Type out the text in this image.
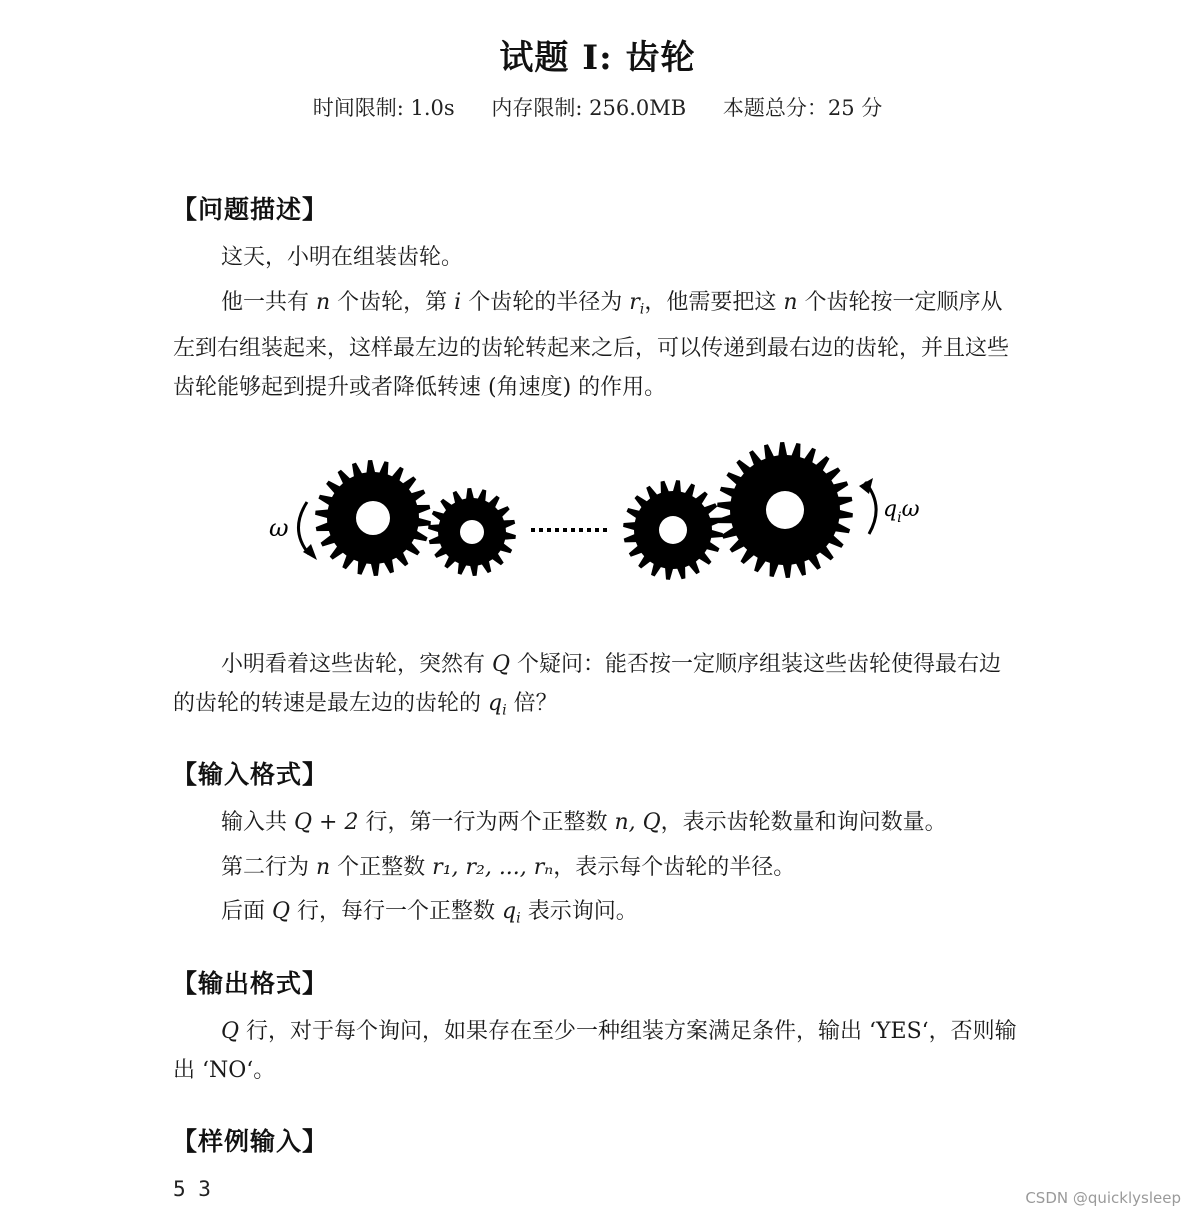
试题 I: 齿轮
时间限制: 1.0s 内存限制: 256.0MB 本题总分：25 分
【问题描述】
这天，小明在组装齿轮。
他一共有 n 个齿轮，第 i 个齿轮的半径为 $r_i$，他需要把这 n 个齿轮按一定顺序从左到右组装起来，这样最左边的齿轮转起来之后，可以传递到最右边的齿轮，并且这些齿轮能够起到提升或者降低转速 (角速度) 的作用。
ω
$q_i\omega$
小明看着这些齿轮，突然有 Q 个疑问：能否按一定顺序组装这些齿轮使得最右边的齿轮的转速是最左边的齿轮的 $q_i$ 倍？
【输入格式】
输入共 Q + 2 行，第一行为两个正整数 n, Q，表示齿轮数量和询问数量。
第二行为 n 个正整数 r₁, r₂, ..., rₙ，表示每个齿轮的半径。
后面 Q 行，每行一个正整数 $q_i$ 表示询问。
【输出格式】
Q 行，对于每个询问，如果存在至少一种组装方案满足条件，输出 ‘YES‘，否则输出 ‘NO‘。
【样例输入】
5 3	CSDN @quicklysleep
